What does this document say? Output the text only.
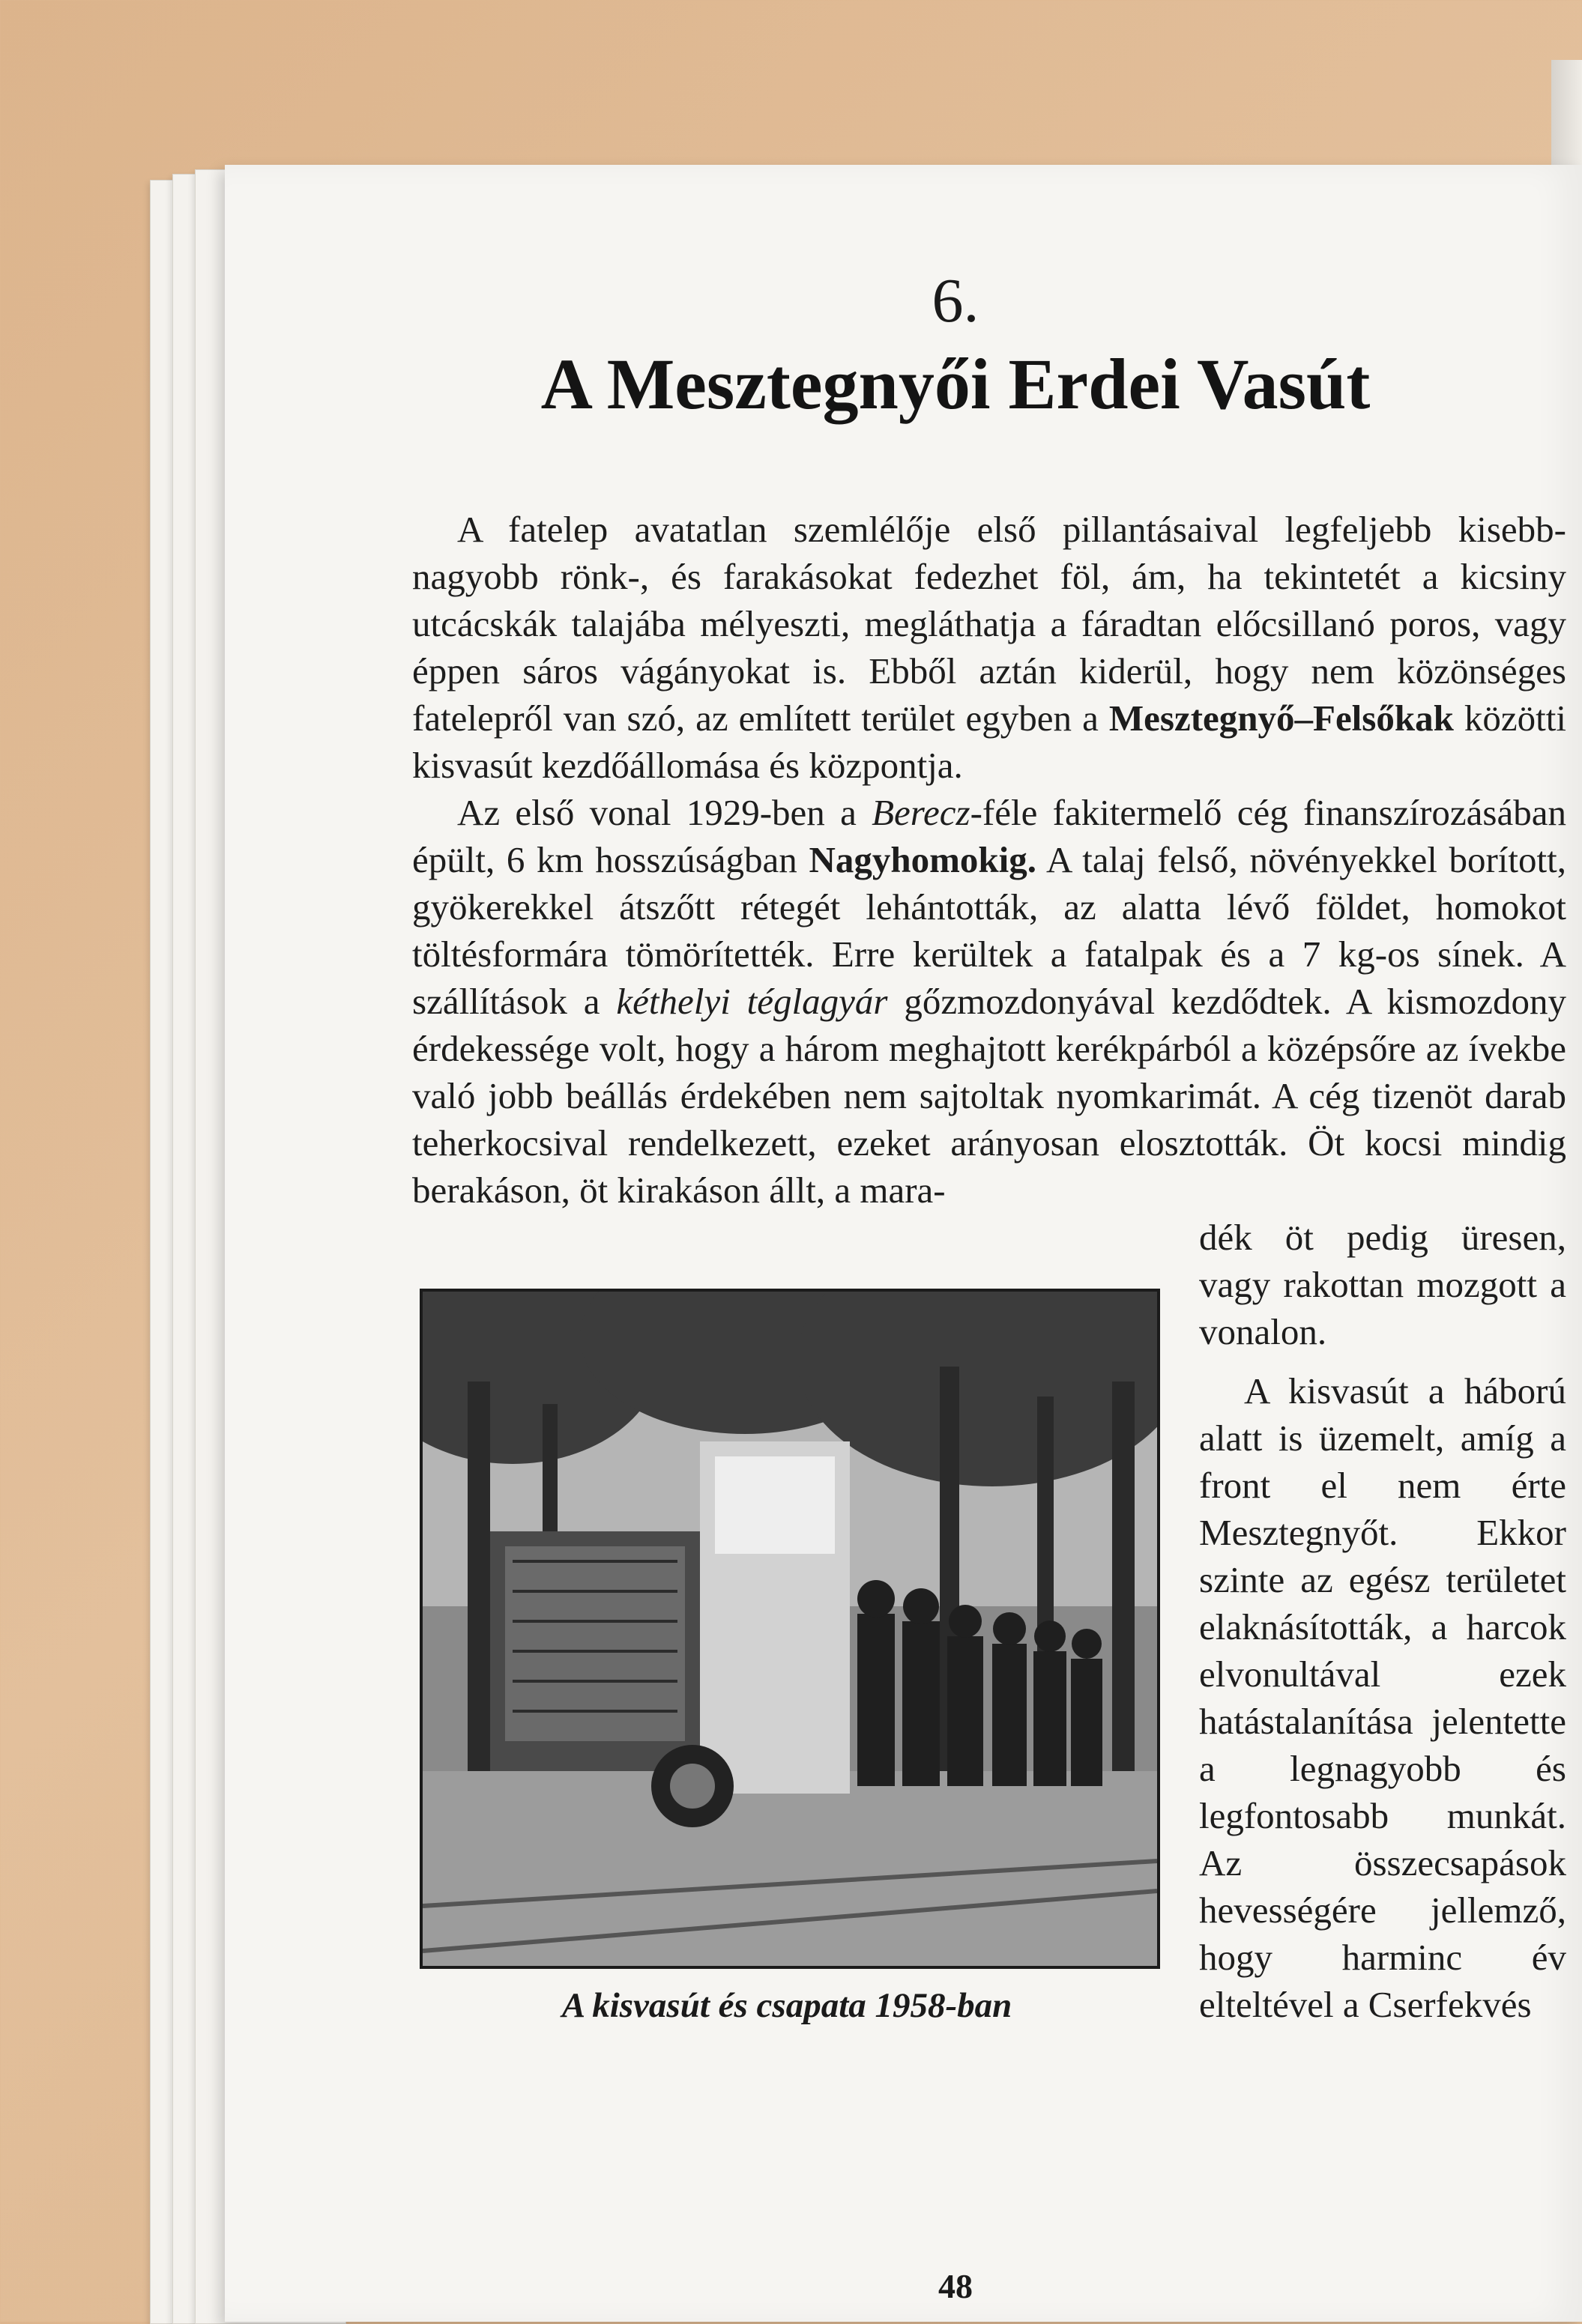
6.
A Mesztegnyői Erdei Vasút

A fatelep avatatlan szemlélője első pillantásaival legfeljebb kisebb-nagyobb rönk-, és farakásokat fedezhet föl, ám, ha tekintetét a kicsiny utcácskák talajába mélyeszti, megláthatja a fáradtan előcsillanó poros, vagy éppen sáros vágányokat is. Ebből aztán kiderül, hogy nem közönséges fatelepről van szó, az említett terület egyben a Mesztegnyő–Felsőkak közötti kisvasút kezdőállomása és központja.

Az első vonal 1929-ben a Berecz-féle fakitermelő cég finanszírozásában épült, 6 km hosszúságban Nagyhomokig. A talaj felső, növényekkel borított, gyökerekkel átszőtt rétegét lehántották, az alatta lévő földet, homokot töltésformára tömörítették. Erre kerültek a fatalpak és a 7 kg-os sínek. A szállítások a kéthelyi téglagyár gőzmozdonyával kezdődtek. A kismozdony érdekessége volt, hogy a három meghajtott kerékpárból a középsőre az ívekbe való jobb beállás érdekében nem sajtoltak nyomkarimát. A cég tizenöt darab teherkocsival rendelkezett, ezeket arányosan elosztották. Öt kocsi mindig berakáson, öt kirakáson állt, a mara-

dék öt pedig üresen, vagy rakottan mozgott a vonalon.

A kisvasút a háború alatt is üzemelt, amíg a front el nem érte Mesztegnyőt. Ekkor szinte az egész területet elaknásították, a harcok elvonultával ezek hatástalanítása jelentette a legnagyobb és legfontosabb munkát. Az összecsapások hevességére jellemző, hogy harminc év elteltével a Cserfekvés

A kisvasút és csapata 1958-ban
48
